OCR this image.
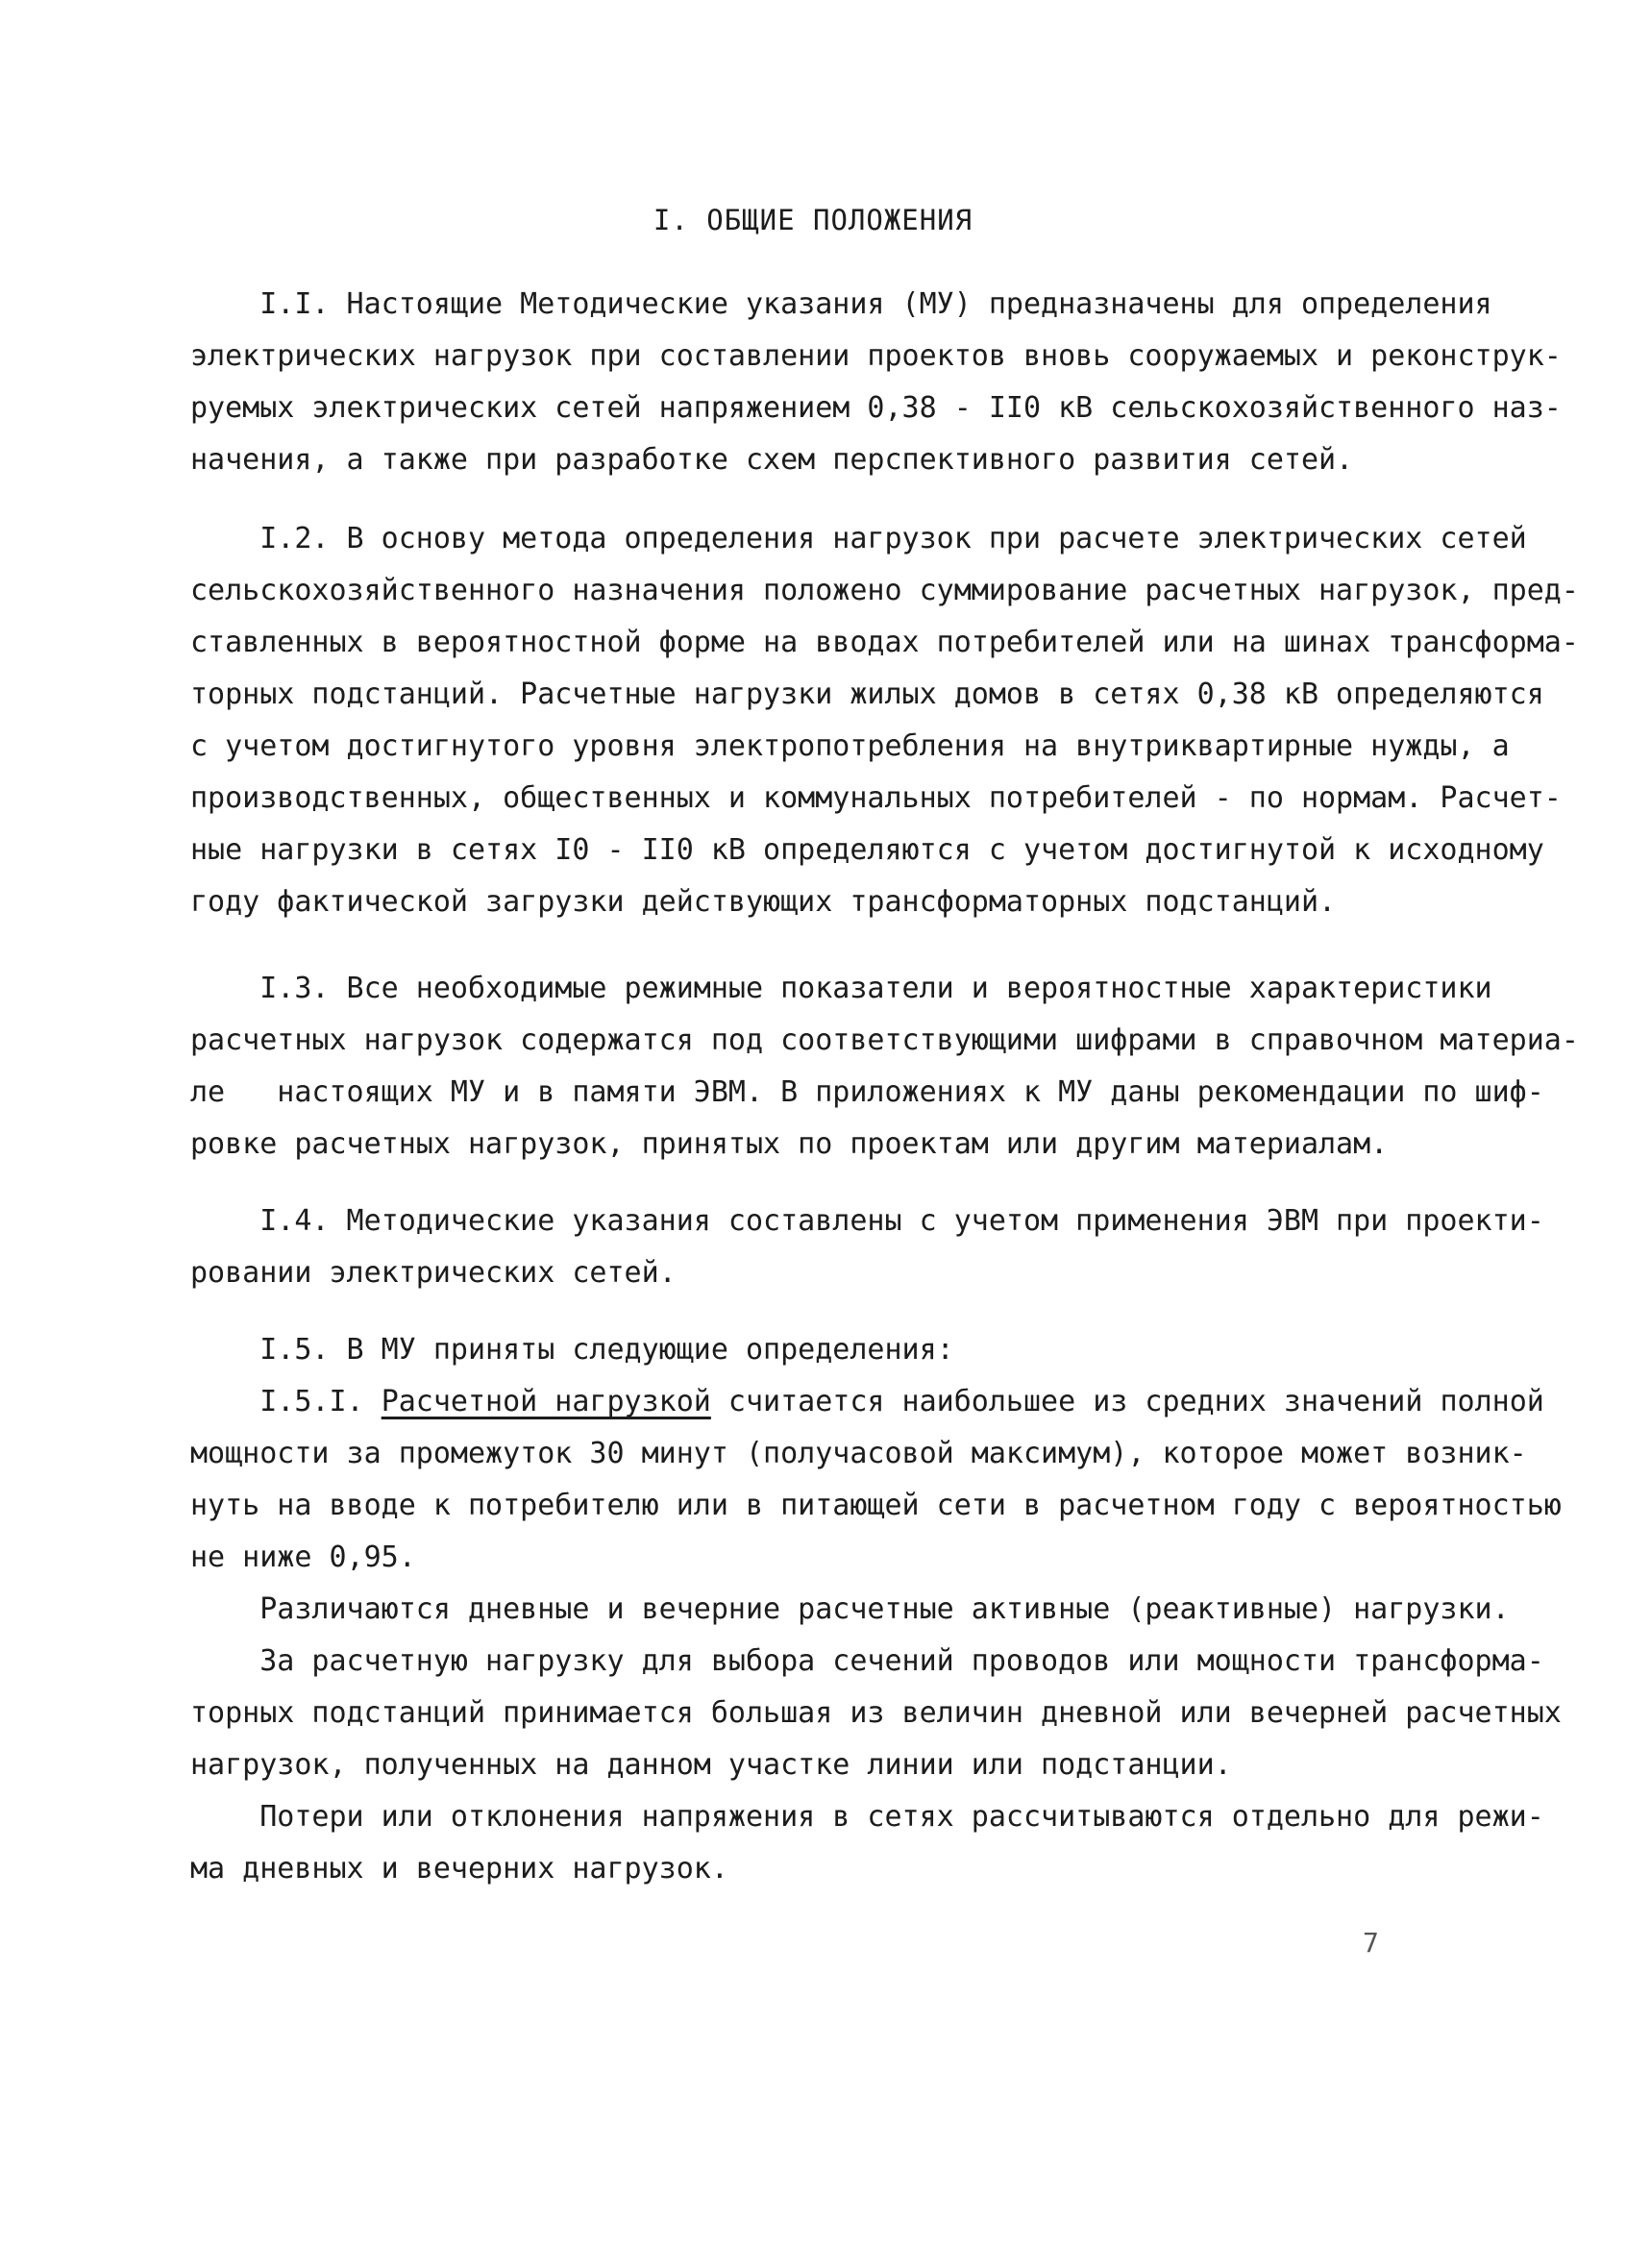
I. ОБЩИЕ ПОЛОЖЕНИЯ
I.I. Настоящие Методические указания (МУ) предназначены для определения
электрических нагрузок при составлении проектов вновь сооружаемых и реконструк-
руемых электрических сетей напряжением 0,38 - II0 кВ сельскохозяйственного наз-
начения, а также при разработке схем перспективного развития сетей.
I.2. В основу метода определения нагрузок при расчете электрических сетей
сельскохозяйственного назначения положено суммирование расчетных нагрузок, пред-
ставленных в вероятностной форме на вводах потребителей или на шинах трансформа-
торных подстанций. Расчетные нагрузки жилых домов в сетях 0,38 кВ определяются
с учетом достигнутого уровня электропотребления на внутриквартирные нужды, а
производственных, общественных и коммунальных потребителей - по нормам. Расчет-
ные нагрузки в сетях I0 - II0 кВ определяются с учетом достигнутой к исходному
году фактической загрузки действующих трансформаторных подстанций.
I.3. Все необходимые режимные показатели и вероятностные характеристики
расчетных нагрузок содержатся под соответствующими шифрами в справочном материа-
ле   настоящих МУ и в памяти ЭВМ. В приложениях к МУ даны рекомендации по шиф-
ровке расчетных нагрузок, принятых по проектам или другим материалам.
I.4. Методические указания составлены с учетом применения ЭВМ при проекти-
ровании электрических сетей.
I.5. В МУ приняты следующие определения:
I.5.I. Расчетной нагрузкой считается наибольшее из средних значений полной
мощности за промежуток 30 минут (получасовой максимум), которое может возник-
нуть на вводе к потребителю или в питающей сети в расчетном году с вероятностью
не ниже 0,95.
Различаются дневные и вечерние расчетные активные (реактивные) нагрузки.
За расчетную нагрузку для выбора сечений проводов или мощности трансформа-
торных подстанций принимается большая из величин дневной или вечерней расчетных
нагрузок, полученных на данном участке линии или подстанции.
Потери или отклонения напряжения в сетях рассчитываются отдельно для режи-
ма дневных и вечерних нагрузок.
7
